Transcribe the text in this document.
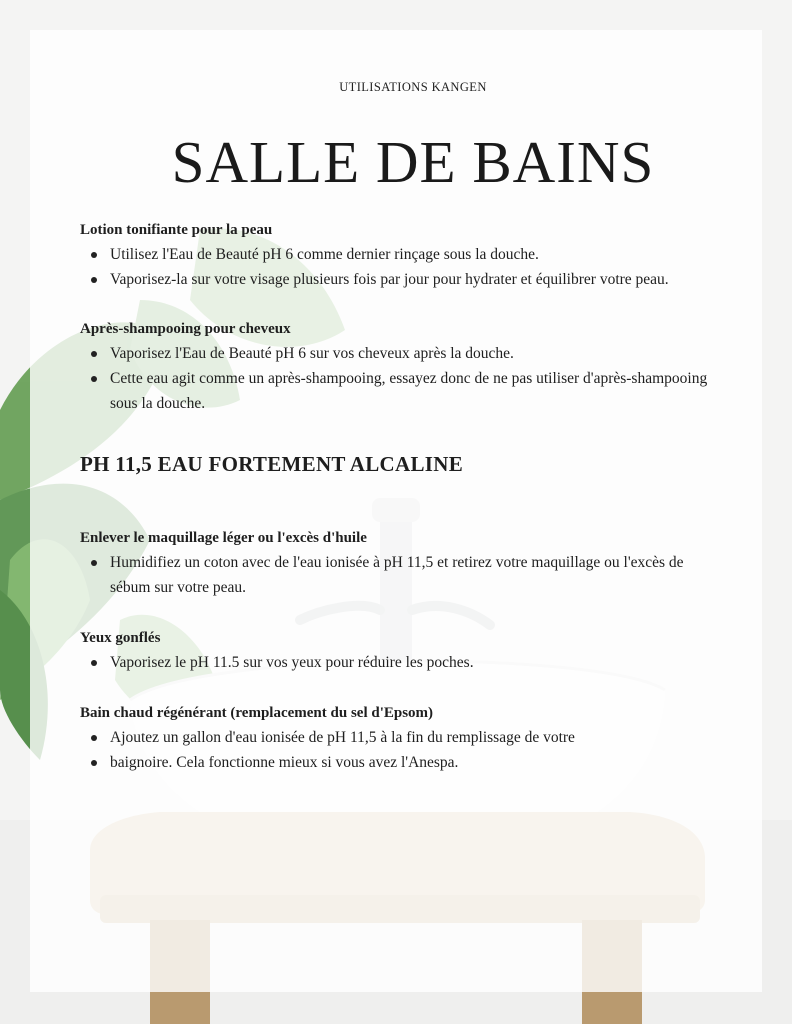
UTILISATIONS KANGEN
SALLE DE BAINS

Lotion tonifiante pour la peau

Utilisez l'Eau de Beauté pH 6 comme dernier rinçage sous la douche.
Vaporisez-la sur votre visage plusieurs fois par jour pour hydrater et équilibrer votre peau.

Après-shampooing pour cheveux

Vaporisez l'Eau de Beauté pH 6 sur vos cheveux après la douche.
Cette eau agit comme un après-shampooing, essayez donc de ne pas utiliser d'après-shampooing sous la douche.
PH 11,5 EAU FORTEMENT ALCALINE

Enlever le maquillage léger ou l'excès d'huile

Humidifiez un coton avec de l'eau ionisée à pH 11,5 et retirez votre maquillage ou l'excès de sébum sur votre peau.

Yeux gonflés

Vaporisez le pH 11.5 sur vos yeux pour réduire les poches.

Bain chaud régénérant (remplacement du sel d'Epsom)

Ajoutez un gallon d'eau ionisée de pH 11,5 à la fin du remplissage de votre
baignoire. Cela fonctionne mieux si vous avez l'Anespa.
